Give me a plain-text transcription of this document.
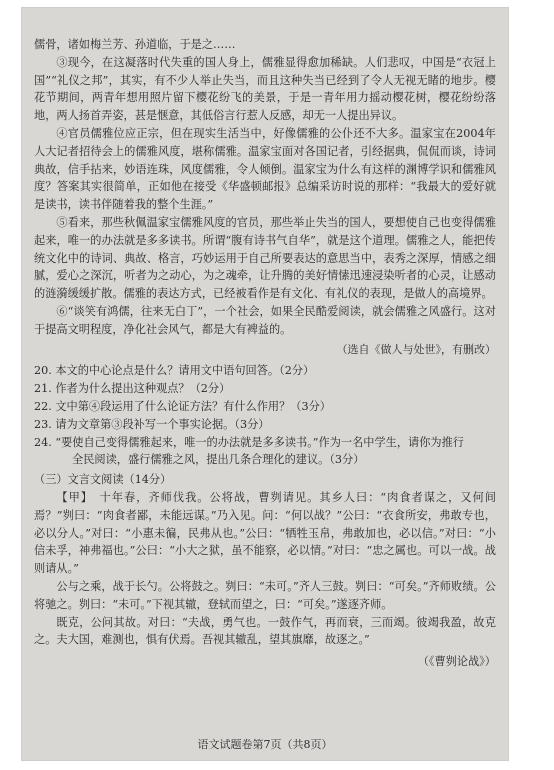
儒骨，诸如梅兰芳、孙道临，于是之……

③现今，在这凝落时代失重的国人身上，儒雅显得愈加稀缺。人们悲叹，中国是“衣冠上国”“礼仪之邦”，其实，有不少人举止失当，而且这种失当已经到了令人无视无睹的地步。樱花节期间，两青年想用照片留下樱花纷飞的美景，于是一青年用力摇动樱花树，樱花纷纷落地，两人扬首弄姿，甚是惬意，其低俗言行惹人反感，却无一人提出异议。

④官员儒雅位应正宗，但在现实生活当中，好像儒雅的公仆还不大多。温家宝在2004年人大记者招待会上的儒雅风度，堪称儒雅。温家宝面对各国记者，引经据典，侃侃而谈，诗词典故，信手拈来，妙语连珠，风度儒雅，令人倾倒。温家宝为什么有这样的渊博学识和儒雅风度？答案其实很简单，正如他在接受《华盛顿邮报》总编采访时说的那样：“我最大的爱好就是读书，读书伴随着我的整个生涯。”

⑤看来，那些秋佩温家宝儒雅风度的官员，那些举止失当的国人，要想使自己也变得儒雅起来，唯一的办法就是多多读书。所谓“腹有诗书气自华”，就是这个道理。儒雅之人，能把传统文化中的诗词、典故、格言，巧妙运用于自己所要表达的意思当中，表秀之深厚，情感之细腻，爱心之深沉，听者为之动心，为之魂牵，让升腾的美好情愫迅速浸染听者的心灵，让感动的涟漪缓缓扩散。儒雅的表达方式，已经被看作是有文化、有礼仪的表现，是做人的高境界。

⑥“谈笑有鸿儒，往来无白丁”，一个社会，如果全民酷爱阅读，就会儒雅之风盛行。这对于提高文明程度，净化社会风气，都是大有裨益的。

（选自《做人与处世》，有删改）

20. 本文的中心论点是什么？请用文中语句回答。（2分）

21. 作者为什么提出这种观点？（2分）

22. 文中第④段运用了什么论证方法？有什么作用？（3分）

23. 请为文章第③段补写一个事实论据。（3分）

24. “要使自己变得儒雅起来，唯一的办法就是多多读书。”作为一名中学生，请你为推行
全民阅读，盛行儒雅之风，提出几条合理化的建议。（3分）

（三）文言文阅读（14分）

【甲】　十年春，齐师伐我。公将战，曹刿请见。其乡人曰：“肉食者谋之，又何间焉？”刿曰：“肉食者鄙，未能远谋。”乃入见。问：“何以战？”公曰：“衣食所安，弗敢专也，必以分人。”对曰：“小惠未徧，民弗从也。”公曰：“牺牲玉帛，弗敢加也，必以信。”对曰：“小信未孚，神弗福也。”公曰：“小大之狱，虽不能察，必以情。”对曰：“忠之属也。可以一战。战则请从。”

公与之乘，战于长勺。公将鼓之。刿曰：“未可。”齐人三鼓。刿曰：“可矣。”齐师败绩。公将驰之。刿曰：“未可。”下视其辙，登轼而望之，曰：“可矣。”遂逐齐师。

既克，公问其故。对曰：“夫战，勇气也。一鼓作气，再而衰，三而竭。彼竭我盈，故克之。夫大国，难测也，惧有伏焉。吾视其辙乱，望其旗靡，故逐之。”

（《曹刿论战》）

语文试题卷第7页（共8页）
